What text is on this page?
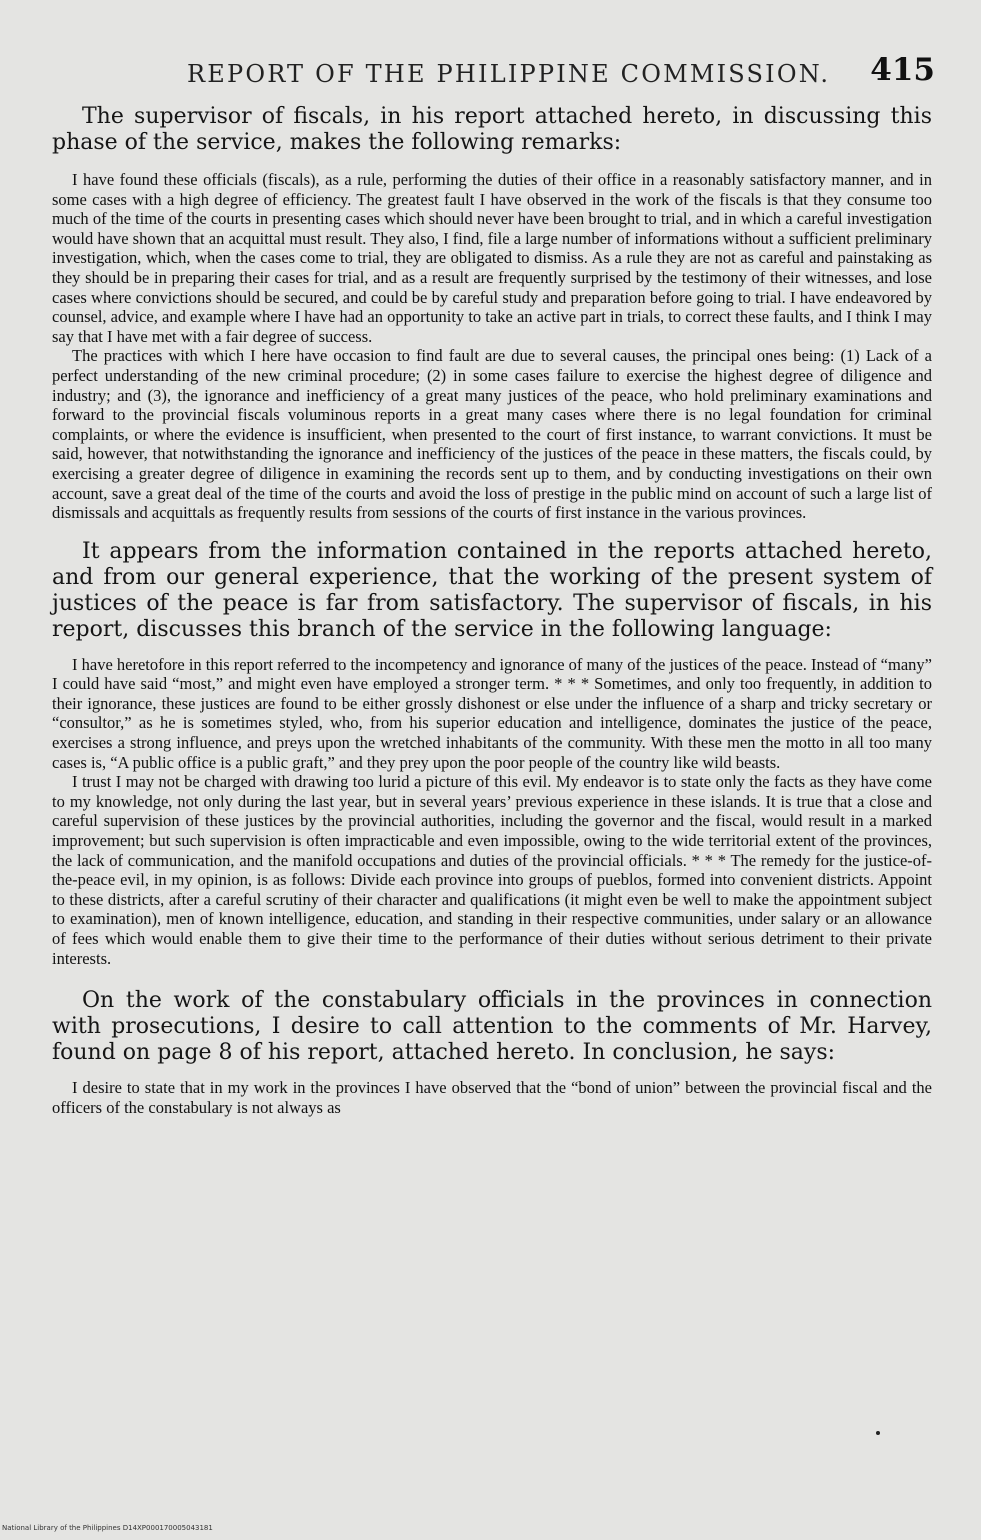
REPORT OF THE PHILIPPINE COMMISSION. 415

The supervisor of fiscals, in his report attached hereto, in discussing this phase of the service, makes the following remarks:

I have found these officials (fiscals), as a rule, performing the duties of their office in a reasonably satisfactory manner, and in some cases with a high degree of efficiency. The greatest fault I have observed in the work of the fiscals is that they consume too much of the time of the courts in presenting cases which should never have been brought to trial, and in which a careful investigation would have shown that an acquittal must result. They also, I find, file a large number of informations without a sufficient preliminary investigation, which, when the cases come to trial, they are obligated to dismiss. As a rule they are not as careful and painstaking as they should be in preparing their cases for trial, and as a result are frequently surprised by the testimony of their witnesses, and lose cases where convictions should be secured, and could be by careful study and preparation before going to trial. I have endeavored by counsel, advice, and example where I have had an opportunity to take an active part in trials, to correct these faults, and I think I may say that I have met with a fair degree of success.

The practices with which I here have occasion to find fault are due to several causes, the principal ones being: (1) Lack of a perfect understanding of the new criminal procedure; (2) in some cases failure to exercise the highest degree of diligence and industry; and (3), the ignorance and inefficiency of a great many justices of the peace, who hold preliminary examinations and forward to the provincial fiscals voluminous reports in a great many cases where there is no legal foundation for criminal complaints, or where the evidence is insufficient, when presented to the court of first instance, to warrant convictions. It must be said, however, that notwithstanding the ignorance and inefficiency of the justices of the peace in these matters, the fiscals could, by exercising a greater degree of diligence in examining the records sent up to them, and by conducting investigations on their own account, save a great deal of the time of the courts and avoid the loss of prestige in the public mind on account of such a large list of dismissals and acquittals as frequently results from sessions of the courts of first instance in the various provinces.

It appears from the information contained in the reports attached hereto, and from our general experience, that the working of the present system of justices of the peace is far from satisfactory. The supervisor of fiscals, in his report, discusses this branch of the service in the following language:

I have heretofore in this report referred to the incompetency and ignorance of many of the justices of the peace. Instead of “many” I could have said “most,” and might even have employed a stronger term. * * * Sometimes, and only too frequently, in addition to their ignorance, these justices are found to be either grossly dishonest or else under the influence of a sharp and tricky secretary or “consultor,” as he is sometimes styled, who, from his superior education and intelligence, dominates the justice of the peace, exercises a strong influence, and preys upon the wretched inhabitants of the community. With these men the motto in all too many cases is, “A public office is a public graft,” and they prey upon the poor people of the country like wild beasts.

I trust I may not be charged with drawing too lurid a picture of this evil. My endeavor is to state only the facts as they have come to my knowledge, not only during the last year, but in several years’ previous experience in these islands. It is true that a close and careful supervision of these justices by the provincial authorities, including the governor and the fiscal, would result in a marked improvement; but such supervision is often impracticable and even impossible, owing to the wide territorial extent of the provinces, the lack of communication, and the manifold occupations and duties of the provincial officials. * * * The remedy for the justice-of-the-peace evil, in my opinion, is as follows: Divide each province into groups of pueblos, formed into convenient districts. Appoint to these districts, after a careful scrutiny of their character and qualifications (it might even be well to make the appointment subject to examination), men of known intelligence, education, and standing in their respective communities, under salary or an allowance of fees which would enable them to give their time to the performance of their duties without serious detriment to their private interests.

On the work of the constabulary officials in the provinces in connection with prosecutions, I desire to call attention to the comments of Mr. Harvey, found on page 8 of his report, attached hereto. In conclusion, he says:

I desire to state that in my work in the provinces I have observed that the “bond of union” between the provincial fiscal and the officers of the constabulary is not always as

National Library of the Philippines D14XP000170005043181
